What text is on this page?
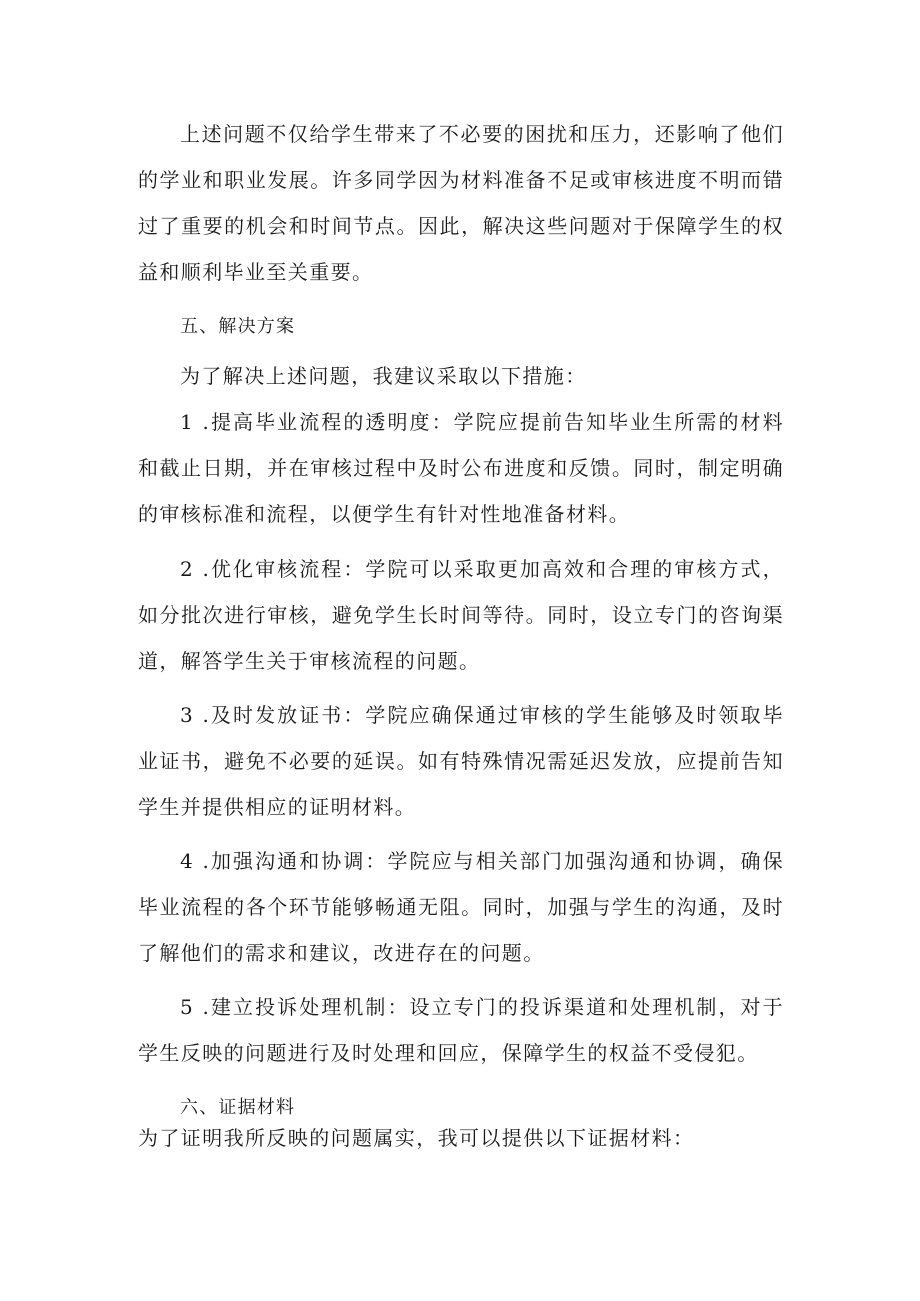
上述问题不仅给学生带来了不必要的困扰和压力，还影响了他们的学业和职业发展。许多同学因为材料准备不足或审核进度不明而错过了重要的机会和时间节点。因此，解决这些问题对于保障学生的权益和顺利毕业至关重要。

五、解决方案

为了解决上述问题，我建议采取以下措施：

1 .提高毕业流程的透明度：学院应提前告知毕业生所需的材料和截止日期，并在审核过程中及时公布进度和反馈。同时，制定明确的审核标准和流程，以便学生有针对性地准备材料。

2 .优化审核流程：学院可以采取更加高效和合理的审核方式，如分批次进行审核，避免学生长时间等待。同时，设立专门的咨询渠道，解答学生关于审核流程的问题。

3 .及时发放证书：学院应确保通过审核的学生能够及时领取毕业证书，避免不必要的延误。如有特殊情况需延迟发放，应提前告知学生并提供相应的证明材料。

4 .加强沟通和协调：学院应与相关部门加强沟通和协调，确保毕业流程的各个环节能够畅通无阻。同时，加强与学生的沟通，及时了解他们的需求和建议，改进存在的问题。

5 .建立投诉处理机制：设立专门的投诉渠道和处理机制，对于学生反映的问题进行及时处理和回应，保障学生的权益不受侵犯。

六、证据材料

为了证明我所反映的问题属实，我可以提供以下证据材料：
